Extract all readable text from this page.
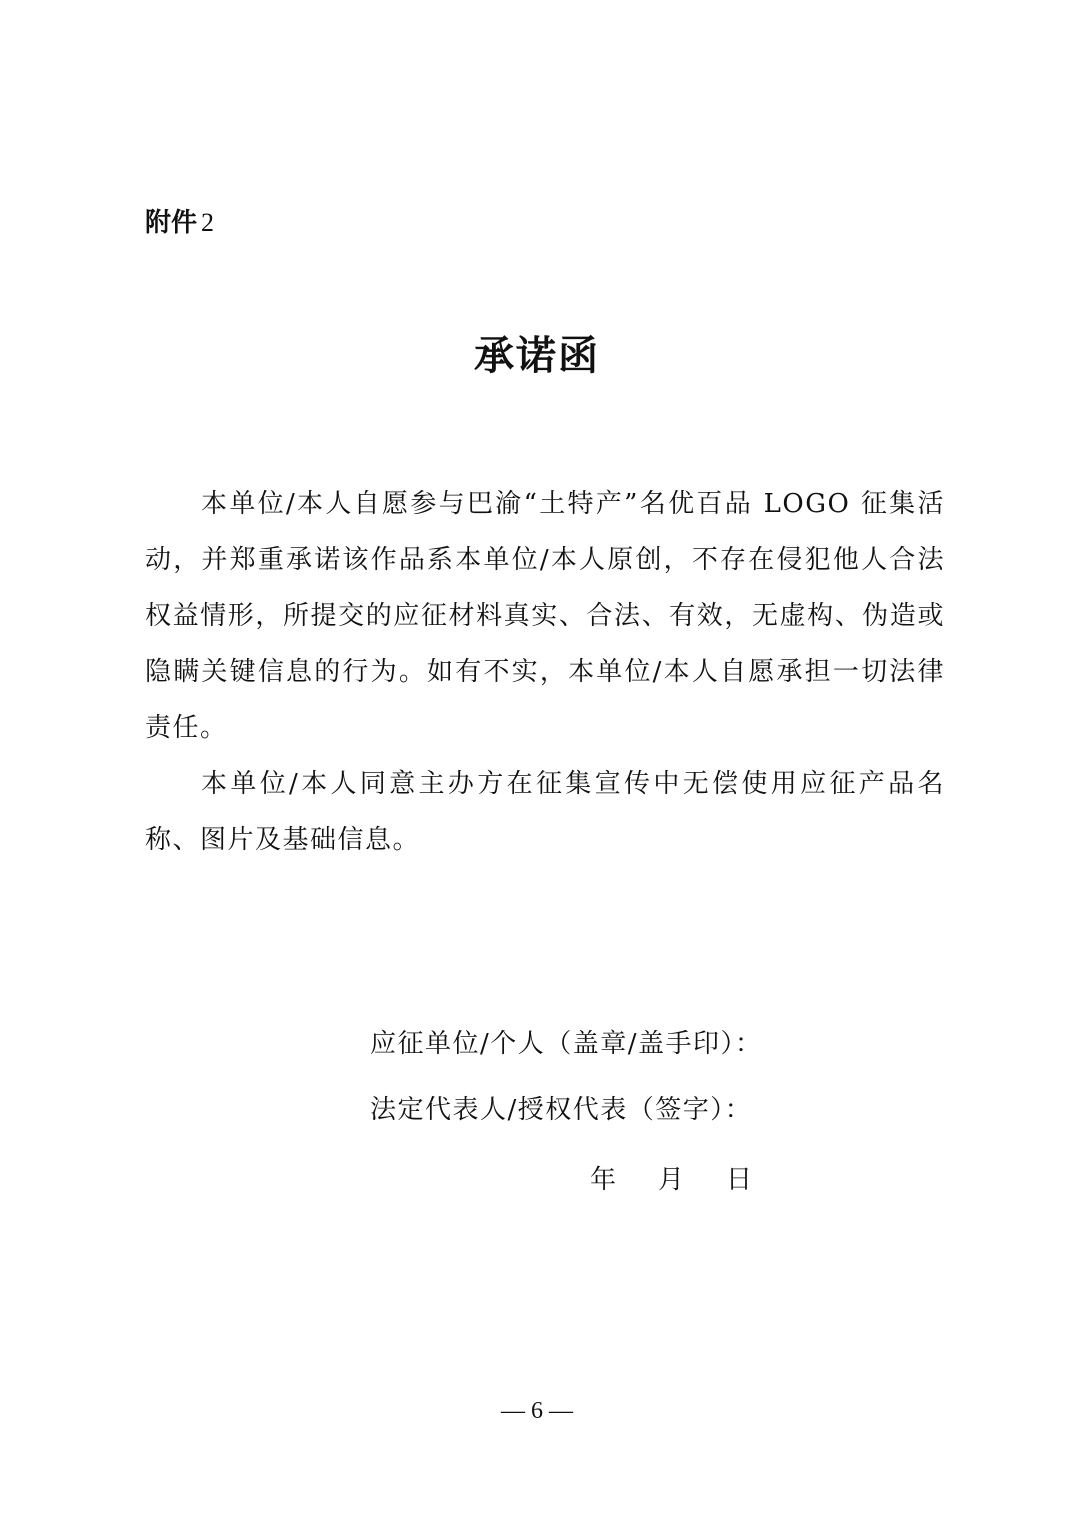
附件 2
承诺函

本单位/本人自愿参与巴渝“土特产”名优百品 LOGO 征集活动，并郑重承诺该作品系本单位/本人原创，不存在侵犯他人合法权益情形，所提交的应征材料真实、合法、有效，无虚构、伪造或隐瞒关键信息的行为。如有不实，本单位/本人自愿承担一切法律责任。

本单位/本人同意主办方在征集宣传中无偿使用应征产品名称、图片及基础信息。

应征单位/个人（盖章/盖手印）：
法定代表人/授权代表（签字）：
年 月 日
— 6 —
